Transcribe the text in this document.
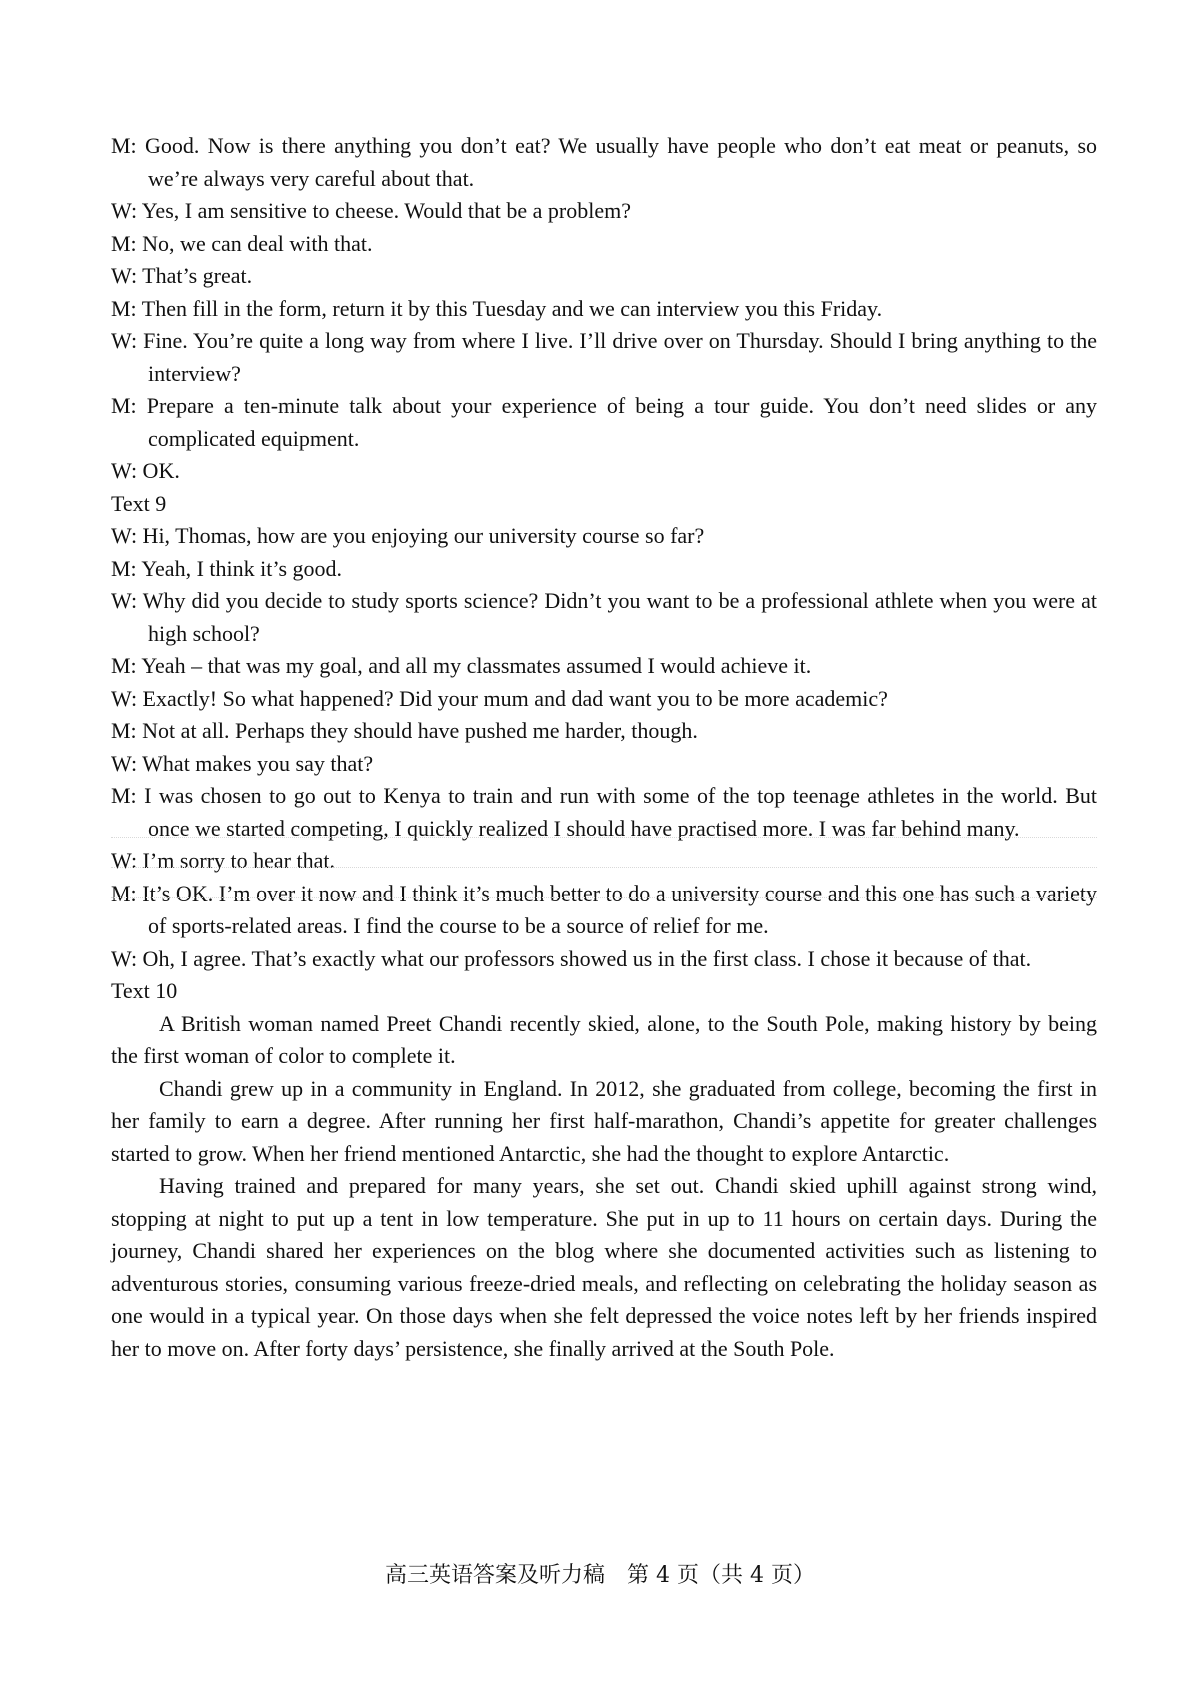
M: Good. Now is there anything you don’t eat? We usually have people who don’t eat meat or peanuts, so we’re always very careful about that.

W: Yes, I am sensitive to cheese. Would that be a problem?

M: No, we can deal with that.

W: That’s great.

M: Then fill in the form, return it by this Tuesday and we can interview you this Friday.

W: Fine. You’re quite a long way from where I live. I’ll drive over on Thursday. Should I bring anything to the interview?

M: Prepare a ten-minute talk about your experience of being a tour guide. You don’t need slides or any complicated equipment.

W: OK.

Text 9

W: Hi, Thomas, how are you enjoying our university course so far?

M: Yeah, I think it’s good.

W: Why did you decide to study sports science? Didn’t you want to be a professional athlete when you were at high school?

M: Yeah – that was my goal, and all my classmates assumed I would achieve it.

W: Exactly! So what happened? Did your mum and dad want you to be more academic?

M: Not at all. Perhaps they should have pushed me harder, though.

W: What makes you say that?

M: I was chosen to go out to Kenya to train and run with some of the top teenage athletes in the world. But once we started competing, I quickly realized I should have practised more. I was far behind many.

W: I’m sorry to hear that.

M: It’s OK. I’m over it now and I think it’s much better to do a university course and this one has such a variety of sports-related areas. I find the course to be a source of relief for me.

W: Oh, I agree. That’s exactly what our professors showed us in the first class. I chose it because of that.

Text 10

A British woman named Preet Chandi recently skied, alone, to the South Pole, making history by being the first woman of color to complete it.

Chandi grew up in a community in England. In 2012, she graduated from college, becoming the first in her family to earn a degree. After running her first half-marathon, Chandi’s appetite for greater challenges started to grow. When her friend mentioned Antarctic, she had the thought to explore Antarctic.

Having trained and prepared for many years, she set out. Chandi skied uphill against strong wind, stopping at night to put up a tent in low temperature. She put in up to 11 hours on certain days. During the journey, Chandi shared her experiences on the blog where she documented activities such as listening to adventurous stories, consuming various freeze-dried meals, and reflecting on celebrating the holiday season as one would in a typical year. On those days when she felt depressed the voice notes left by her friends inspired her to move on. After forty days’ persistence, she finally arrived at the South Pole.

高三英语答案及听力稿　第 4 页（共 4 页）
